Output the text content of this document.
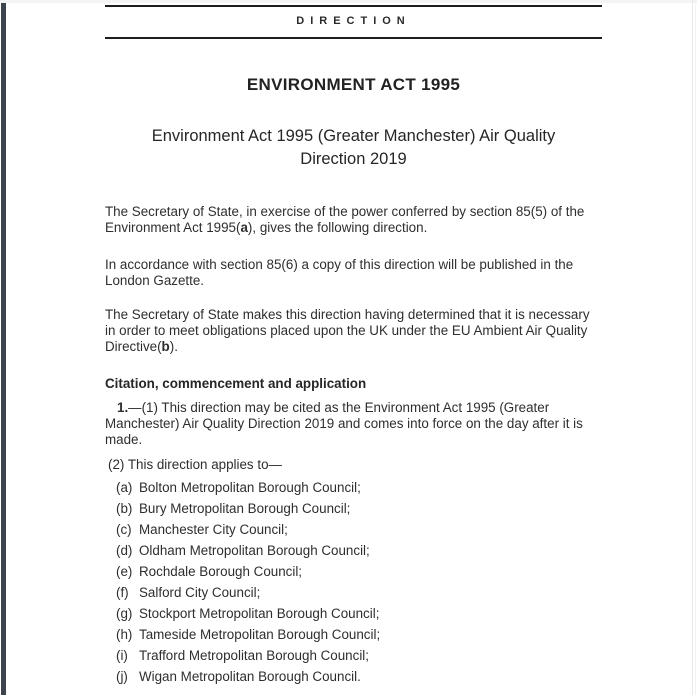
DIRECTION
ENVIRONMENT ACT 1995
Environment Act 1995 (Greater Manchester) Air Quality Direction 2019

The Secretary of State, in exercise of the power conferred by section 85(5) of the Environment Act 1995(a), gives the following direction.

In accordance with section 85(6) a copy of this direction will be published in the London Gazette.

The Secretary of State makes this direction having determined that it is necessary in order to meet obligations placed upon the UK under the EU Ambient Air Quality Directive(b).

Citation, commencement and application

1.—(1) This direction may be cited as the Environment Act 1995 (Greater Manchester) Air Quality Direction 2019 and comes into force on the day after it is made.

(2) This direction applies to—

(a) Bolton Metropolitan Borough Council;
(b) Bury Metropolitan Borough Council;
(c) Manchester City Council;
(d) Oldham Metropolitan Borough Council;
(e) Rochdale Borough Council;
(f) Salford City Council;
(g) Stockport Metropolitan Borough Council;
(h) Tameside Metropolitan Borough Council;
(i) Trafford Metropolitan Borough Council;
(j) Wigan Metropolitan Borough Council.
